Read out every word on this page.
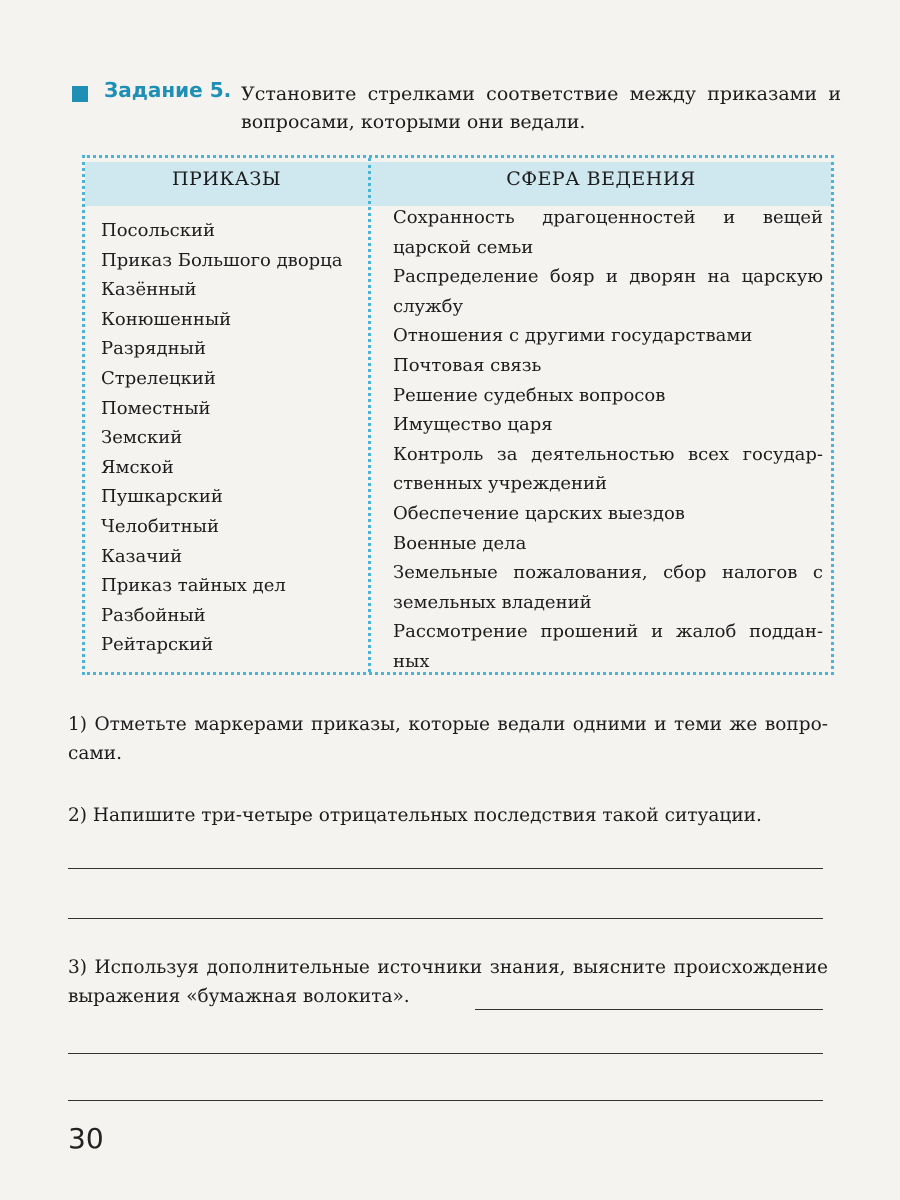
Задание 5. Установите стрелками соответствие между приказами и вопросами, которыми они ведали.
ПРИКАЗЫ	СФЕРА ВЕДЕНИЯ
Посольский
Приказ Большого дворца
Казённый
Конюшенный
Разрядный
Стрелецкий
Поместный
Земский
Ямской
Пушкарский
Челобитный
Казачий
Приказ тайных дел
Разбойный
Рейтарский
Сохранность драгоценностей и вещей царской семьи
Распределение бояр и дворян на царскую службу
Отношения с другими государствами
Почтовая связь
Решение судебных вопросов
Имущество царя
Контроль за деятельностью всех государственных учреждений
Обеспечение царских выездов
Военные дела
Земельные пожалования, сбор налогов с земельных владений
Рассмотрение прошений и жалоб подданных
1) Отметьте маркерами приказы, которые ведали одними и теми же вопросами.
2) Напишите три-четыре отрицательных последствия такой ситуации.
3) Используя дополнительные источники знания, выясните происхождение выражения «бумажная волокита».
30
